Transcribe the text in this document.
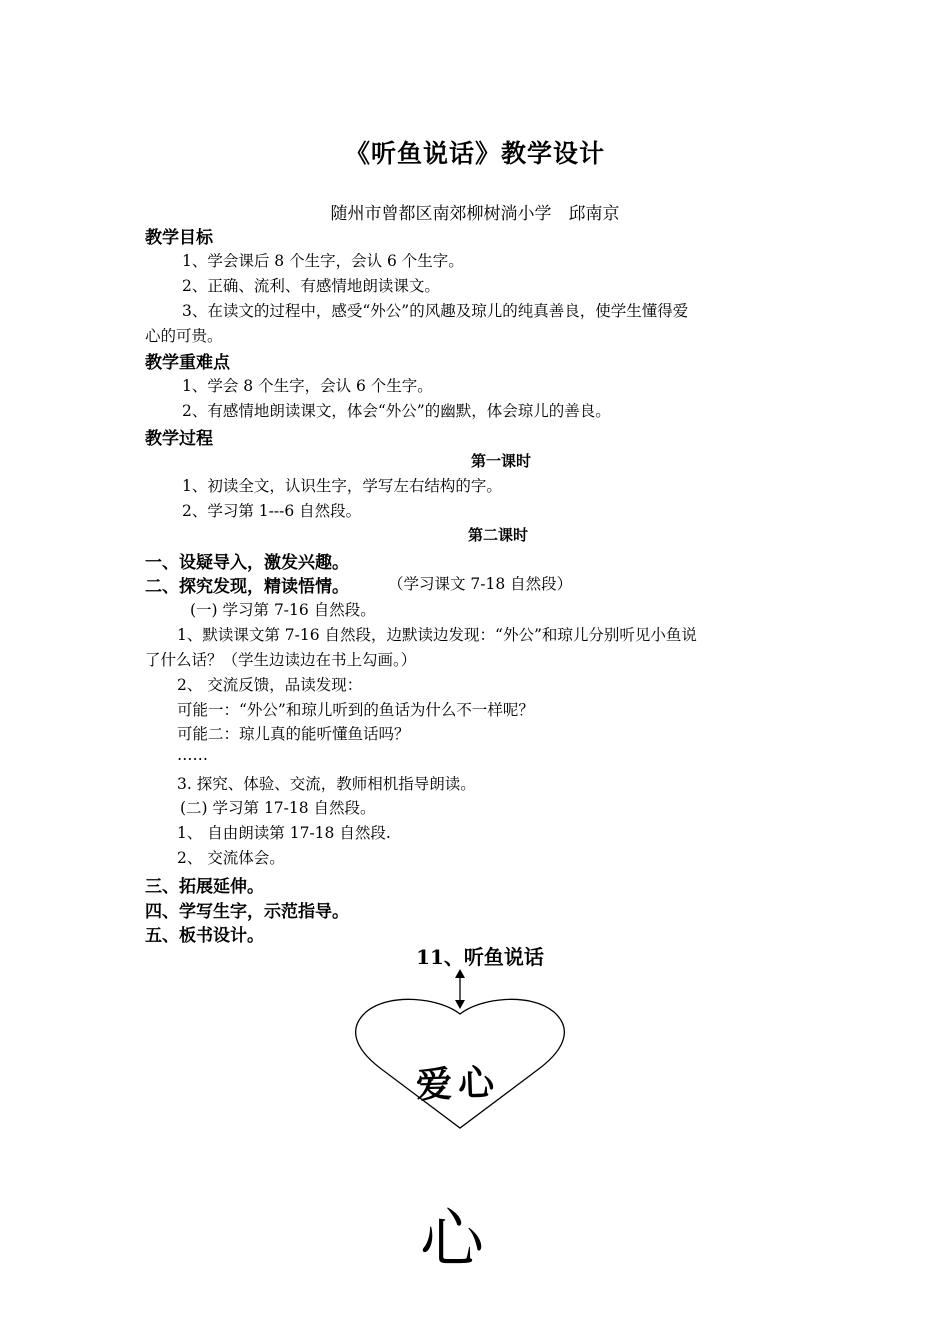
《听鱼说话》教学设计
随州市曾都区南郊柳树淌小学　邱南京
教学目标
1、学会课后 8 个生字，会认 6 个生字。
2、正确、流利、有感情地朗读课文。
3、在读文的过程中，感受“外公”的风趣及琼儿的纯真善良，使学生懂得爱
心的可贵。
教学重难点
1、学会 8 个生字，会认 6 个生字。
2、有感情地朗读课文，体会“外公”的幽默，体会琼儿的善良。
教学过程
第一课时
1、初读全文，认识生字，学写左右结构的字。
2、学习第 1---6 自然段。
第二课时
一、设疑导入，激发兴趣。
二、探究发现，精读悟情。	（学习课文 7-18 自然段）
(一) 学习第 7-16 自然段。
1、默读课文第 7-16 自然段，边默读边发现：“外公”和琼儿分别听见小鱼说
了什么话？（学生边读边在书上勾画。）
2、 交流反馈，品读发现：
可能一：“外公”和琼儿听到的鱼话为什么不一样呢？
可能二：琼儿真的能听懂鱼话吗？
……
3. 探究、体验、交流，教师相机指导朗读。
(二) 学习第 17-18 自然段。
1、 自由朗读第 17-18 自然段.
2、 交流体会。
三、拓展延伸。
四、学写生字，示范指导。
五、板书设计。
11、听鱼说话
爱心
心
